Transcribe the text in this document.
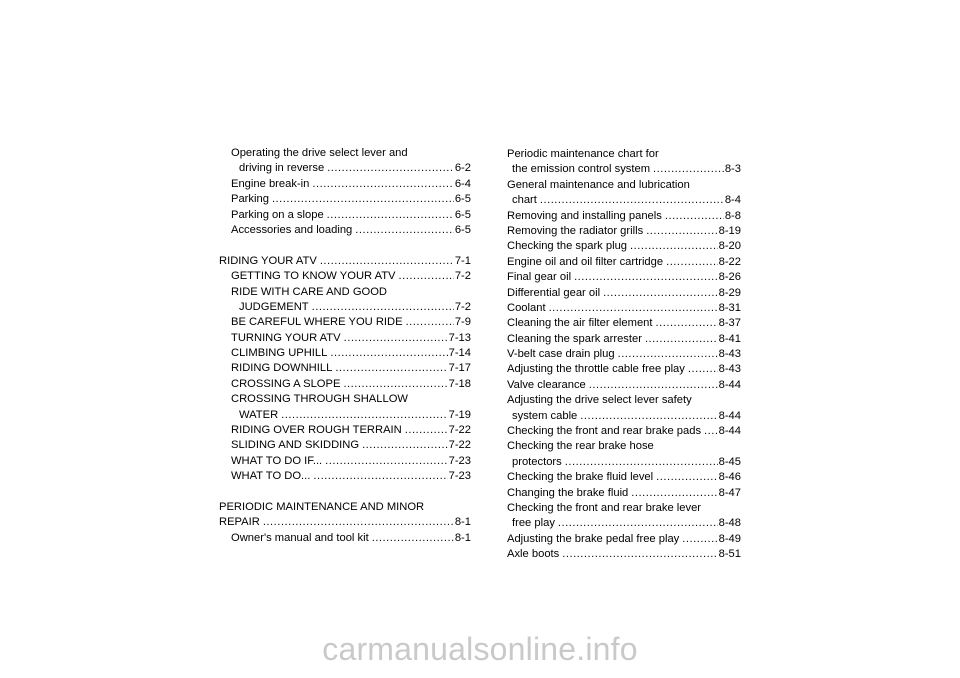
Operating the drive select lever and
driving in reverse .....	6-2
Engine break-in .....	6-4
Parking .....	6-5
Parking on a slope .....	6-5
Accessories and loading .....	6-5
RIDING YOUR ATV .....	7-1
GETTING TO KNOW YOUR ATV .....	7-2
RIDE WITH CARE AND GOOD
JUDGEMENT .....	7-2
BE CAREFUL WHERE YOU RIDE .....	7-9
TURNING YOUR ATV .....	7-13
CLIMBING UPHILL .....	7-14
RIDING DOWNHILL .....	7-17
CROSSING A SLOPE .....	7-18
CROSSING THROUGH SHALLOW
WATER .....	7-19
RIDING OVER ROUGH TERRAIN .....	7-22
SLIDING AND SKIDDING .....	7-22
WHAT TO DO IF... .....	7-23
WHAT TO DO... .....	7-23
PERIODIC MAINTENANCE AND MINOR
REPAIR .....	8-1
Owner's manual and tool kit .....	8-1
Periodic maintenance chart for
the emission control system .....	8-3
General maintenance and lubrication
chart .....	8-4
Removing and installing panels .....	8-8
Removing the radiator grills .....	8-19
Checking the spark plug .....	8-20
Engine oil and oil filter cartridge .....	8-22
Final gear oil .....	8-26
Differential gear oil .....	8-29
Coolant .....	8-31
Cleaning the air filter element .....	8-37
Cleaning the spark arrester .....	8-41
V-belt case drain plug .....	8-43
Adjusting the throttle cable free play .....	8-43
Valve clearance .....	8-44
Adjusting the drive select lever safety
system cable .....	8-44
Checking the front and rear brake pads ..... 8-44
Checking the rear brake hose
protectors .....	8-45
Checking the brake fluid level .....	8-46
Changing the brake fluid .....	8-47
Checking the front and rear brake lever
free play .....	8-48
Adjusting the brake pedal free play .....	8-49
Axle boots .....	8-51
carmanualsonline.info
